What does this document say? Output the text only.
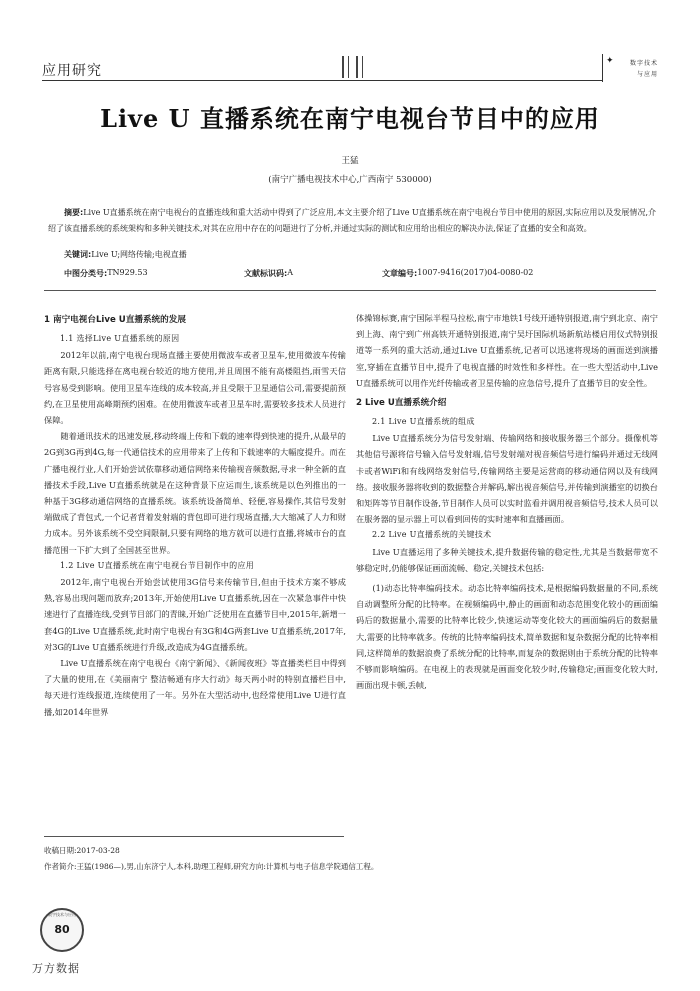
应用研究
✦	数字技术
与应用
Live U 直播系统在南宁电视台节目中的应用
王猛
(南宁广播电视技术中心,广西南宁 530000)
摘要:Live U直播系统在南宁电视台的直播连线和重大活动中得到了广泛应用,本文主要介绍了Live U直播系统在南宁电视台节目中使用的原因,实际应用以及发展情况,介绍了该直播系统的系统架构和多种关键技术,对其在应用中存在的问题进行了分析,并通过实际的测试和应用给出相应的解决办法,保证了直播的安全和高效。
关键词:Live U;网络传输;电视直播
中图分类号: TN929.53	文献标识码: A	文章编号: 1007-9416(2017)04-0080-02
1 南宁电视台Live U直播系统的发展
1.1 选择Live U直播系统的原因
2012年以前,南宁电视台现场直播主要使用微波车或者卫星车,使用微波车传输距离有限,只能选择在离电视台较近的地方使用,并且周围不能有高楼阻挡,雨雪天信号容易受到影响。使用卫星车连线的成本较高,并且受限于卫星通信公司,需要提前预约,在卫星使用高峰期预约困难。在使用微波车或者卫星车时,需要较多技术人员进行保障。
随着通讯技术的迅速发展,移动终端上传和下载的速率得到快速的提升,从最早的2G到3G再到4G,每一代通信技术的应用带来了上传和下载速率的大幅度提升。而在广播电视行业,人们开始尝试依靠移动通信网络来传输视音频数据,寻求一种全新的直播技术手段,Live U直播系统就是在这种背景下应运而生,该系统是以色列推出的一种基于3G移动通信网络的直播系统。该系统设备简单、轻便,容易操作,其信号发射端做成了背包式,一个记者背着发射端的背包即可进行现场直播,大大缩减了人力和财力成本。另外该系统不受空间限制,只要有网络的地方就可以进行直播,将城市台的直播范围一下扩大到了全国甚至世界。
1.2 Live U直播系统在南宁电视台节目制作中的应用
2012年,南宁电视台开始尝试使用3G信号来传输节目,但由于技术方案不够成熟,容易出现问题而放弃;2013年,开始使用Live U直播系统,因在一次紧急事件中快速进行了直播连线,受到节目部门的青睐,开始广泛使用在直播节目中,2015年,新增一套4G的Live U直播系统,此时南宁电视台有3G和4G两套Live U直播系统,2017年,对3G的Live U直播系统进行升级,改造成为4G直播系统。
Live U直播系统在南宁电视台《南宁新闻》、《新闻夜班》等直播类栏目中得到了大量的使用,在《美丽南宁 整洁畅通有序大行动》每天两小时的特别直播栏目中,每天进行连线报道,连续使用了一年。另外在大型活动中,也经常使用Live U进行直播,如2014年世界
体操锦标赛,南宁国际半程马拉松,南宁市地铁1号线开通特别报道,南宁到北京、南宁到上海、南宁到广州高铁开通特别报道,南宁吴圩国际机场新航站楼启用仪式特别报道等一系列的重大活动,通过Live U直播系统,记者可以迅速将现场的画面送到演播室,穿插在直播节目中,提升了电视直播的时效性和多样性。在一些大型活动中,Live U直播系统可以用作光纤传输或者卫星传输的应急信号,提升了直播节目的安全性。
2 Live U直播系统介绍
2.1 Live U直播系统的组成
Live U直播系统分为信号发射端、传输网络和接收服务器三个部分。摄像机等其他信号源将信号输入信号发射端,信号发射端对视音频信号进行编码并通过无线网卡或者WiFi和有线网络发射信号,传输网络主要是运营商的移动通信网以及有线网络。接收服务器将收到的数据整合并解码,解出视音频信号,并传输到演播室的切换台和矩阵等节目制作设备,节目制作人员可以实时监看并调用视音频信号,技术人员可以在服务器的显示器上可以看到回传的实时速率和直播画面。
2.2 Live U直播系统的关键技术
Live U直播运用了多种关键技术,提升数据传输的稳定性,尤其是当数据带宽不够稳定时,仍能够保证画面流畅、稳定,关键技术包括:
(1)动态比特率编码技术。动态比特率编码技术,是根据编码数据量的不同,系统自动调整所分配的比特率。在视频编码中,静止的画面和动态范围变化较小的画面编码后的数据量小,需要的比特率比较少,快速运动等变化较大的画面编码后的数据量大,需要的比特率就多。传统的比特率编码技术,简单数据和复杂数据分配的比特率相同,这样简单的数据浪费了系统分配的比特率,而复杂的数据则由于系统分配的比特率不够而影响编码。在电视上的表现就是画面变化较少时,传输稳定;画面变化较大时,画面出现卡顿,丢帧,
收稿日期:2017-03-28
作者简介:王猛(1986—),男,山东济宁人,本科,助理工程师,研究方向:计算机与电子信息学院通信工程。
数字技术与应用
80
万方数据
